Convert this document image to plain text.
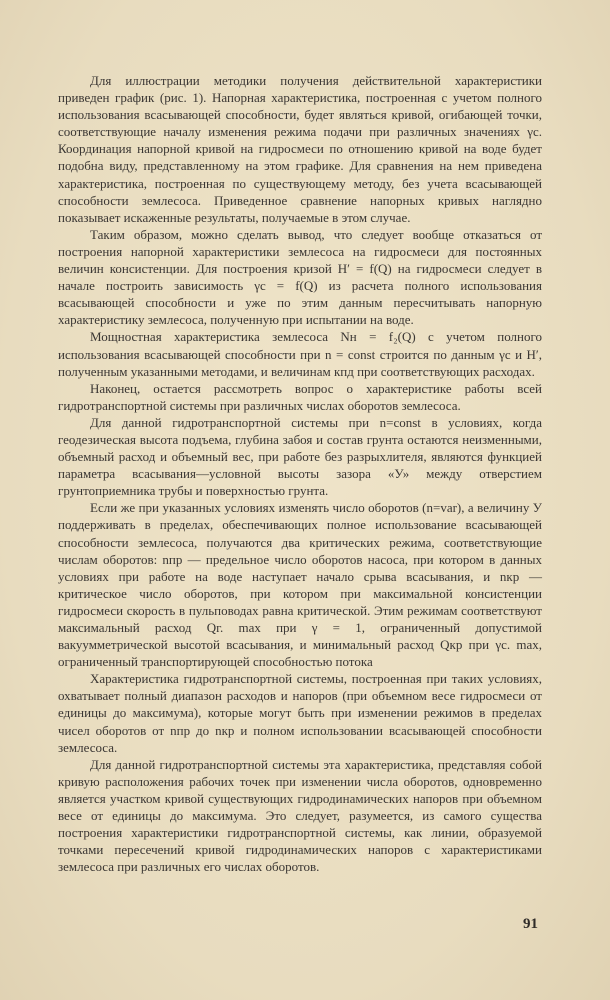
Для иллюстрации методики получения действительной характеристики приведен график (рис. 1). Напорная характеристика, построенная с учетом полного использования всасывающей способности, будет являться кривой, огибающей точки, соответствующие началу изменения режима подачи при различных значениях γс. Координация напорной кривой на гидросмеси по отношению кривой на воде будет подобна виду, представленному на этом графике. Для сравнения на нем приведена характеристика, построенная по существующему методу, без учета всасывающей способности землесоса. Приведенное сравнение напорных кривых наглядно показывает искаженные результаты, получаемые в этом случае.

Таким образом, можно сделать вывод, что следует вообще отказаться от построения напорной характеристики землесоса на гидросмеси для постоянных величин консистенции. Для построения кризой H′ = f(Q) на гидросмеси следует в начале построить зависимость γс = f(Q) из расчета полного использования всасывающей способности и уже по этим данным пересчитывать напорную характеристику землесоса, полученную при испытании на воде.

Мощностная характеристика землесоса Nн = f₂(Q) с учетом полного использования всасывающей способности при n = const строится по данным γс и H′, полученным указанными методами, и величинам кпд при соответствующих расходах.

Наконец, остается рассмотреть вопрос о характеристике работы всей гидротранспортной системы при различных числах оборотов землесоса.

Для данной гидротранспортной системы при n=const в условиях, когда геодезическая высота подъема, глубина забоя и состав грунта остаются неизменными, объемный расход и объемный вес, при работе без разрыхлителя, являются функцией параметра всасывания—условной высоты зазора «У» между отверстием грунтоприемника трубы и поверхностью грунта.

Если же при указанных условиях изменять число оборотов (n=var), а величину У поддерживать в пределах, обеспечивающих полное использование всасывающей способности землесоса, получаются два критических режима, соответствующие числам оборотов: nпр — предельное число оборотов насоса, при котором в данных условиях при работе на воде наступает начало срыва всасывания, и nкр — критическое число оборотов, при котором при максимальной консистенции гидросмеси скорость в пульповодах равна критической. Этим режимам соответствуют максимальный расход Qг. max при γ = 1, ограниченный допустимой вакуумметрической высотой всасывания, и минимальный расход Qкр при γс. max, ограниченный транспортирующей способностью потока

Характеристика гидротранспортной системы, построенная при таких условиях, охватывает полный диапазон расходов и напоров (при объемном весе гидросмеси от единицы до максимума), которые могут быть при изменении режимов в пределах чисел оборотов от nпр до nкр и полном использовании всасывающей способности землесоса.

Для данной гидротранспортной системы эта характеристика, представляя собой кривую расположения рабочих точек при изменении числа оборотов, одновременно является участком кривой существующих гидродинамических напоров при объемном весе от единицы до максимума. Это следует, разумеется, из самого существа построения характеристики гидротранспортной системы, как линии, образуемой точками пересечений кривой гидродинамических напоров с характеристиками землесоса при различных его числах оборотов.

91
